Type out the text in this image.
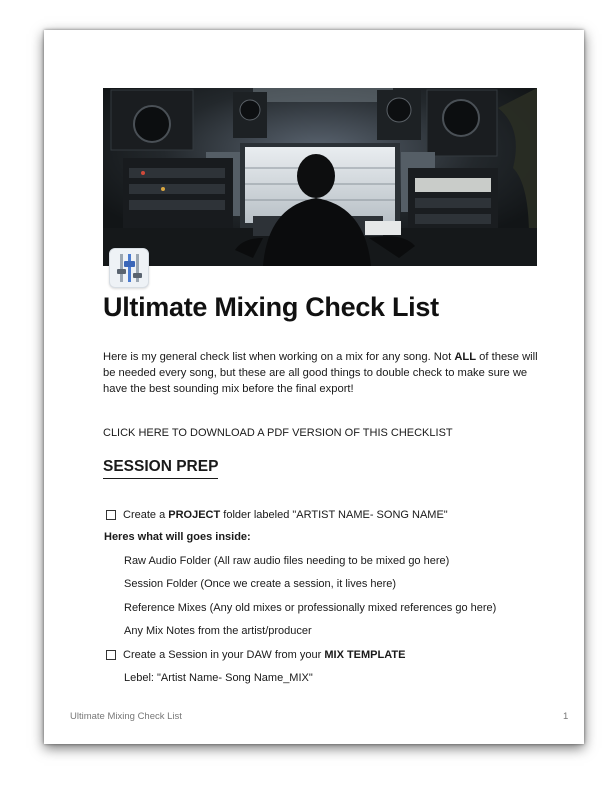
Ultimate Mixing Check List

Here is my general check list when working on a mix for any song. Not ALL of these will be needed every song, but these are all good things to double check to make sure we have the best sounding mix before the final export!

CLICK HERE TO DOWNLOAD A PDF VERSION OF THIS CHECKLIST
SESSION PREP
Create a PROJECT folder labeled "ARTIST NAME- SONG NAME"
Heres what will goes inside:
Raw Audio Folder (All raw audio files needing to be mixed go here)
Session Folder (Once we create a session, it lives here)
Reference Mixes (Any old mixes or professionally mixed references go here)
Any Mix Notes from the artist/producer
Create a Session in your DAW from your MIX TEMPLATE
Lebel: "Artist Name- Song Name_MIX"
Ultimate Mixing Check List	1
